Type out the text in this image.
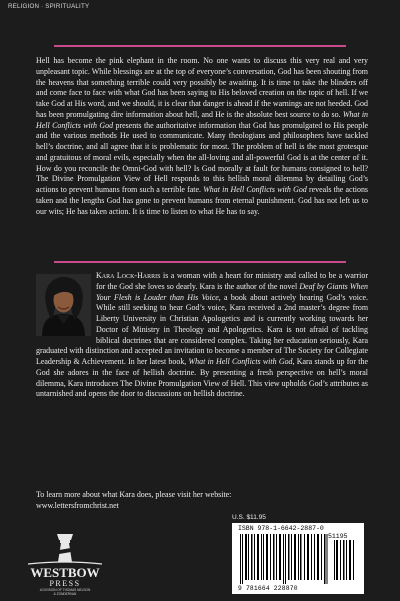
RELIGION · SPIRITUALITY

Hell has become the pink elephant in the room. No one wants to discuss this very real and very unpleasant topic. While blessings are at the top of everyone’s conversation, God has been shouting from the heavens that something terrible could very possibly be awaiting. It is time to take the blinders off and come face to face with what God has been saying to His beloved creation on the topic of hell. If we take God at His word, and we should, it is clear that danger is ahead if the warnings are not heeded. God has been promulgating dire information about hell, and He is the absolute best source to do so. What in Hell Conflicts with God presents the authoritative information that God has promulgated to His people and the various methods He used to communicate. Many theologians and philosophers have tackled hell’s doctrine, and all agree that it is problematic for most. The problem of hell is the most grotesque and gratuitous of moral evils, especially when the all-loving and all-powerful God is at the center of it. How do you reconcile the Omni-God with hell? Is God morally at fault for humans consigned to hell? The Divine Promulgation View of Hell responds to this hellish moral dilemma by detailing God’s actions to prevent humans from such a terrible fate. What in Hell Conflicts with God reveals the actions taken and the lengths God has gone to prevent humans from eternal punishment. God has not left us to our wits; He has taken action. It is time to listen to what He has to say.

Kara Lock-Harris is a woman with a heart for ministry and called to be a warrior for the God she loves so dearly. Kara is the author of the novel Deaf by Giants When Your Flesh is Louder than His Voice, a book about actively hearing God’s voice. While still seeking to hear God’s voice, Kara received a 2nd master’s degree from Liberty University in Christian Apologetics and is currently working towards her Doctor of Ministry in Theology and Apologetics. Kara is not afraid of tackling biblical doctrines that are considered complex. Taking her education seriously, Kara graduated with distinction and accepted an invitation to become a member of The Society for Collegiate Leadership & Achievement. In her latest book, What in Hell Conflicts with God, Kara stands up for the God she adores in the face of hellish doctrine. By presenting a fresh perspective on hell’s moral dilemma, Kara introduces The Divine Promulgation View of Hell. This view upholds God’s attributes as untarnished and opens the door to discussions on hellish doctrine.

To learn more about what Kara does, please visit her website:
www.lettersfromchrist.net

WESTBOW
PRESS
A DIVISION OF THOMAS NELSON
& ZONDERVAN
U.S. $11.95
ISBN 978-1-6642-2887-0
51195
9 781664 228870
